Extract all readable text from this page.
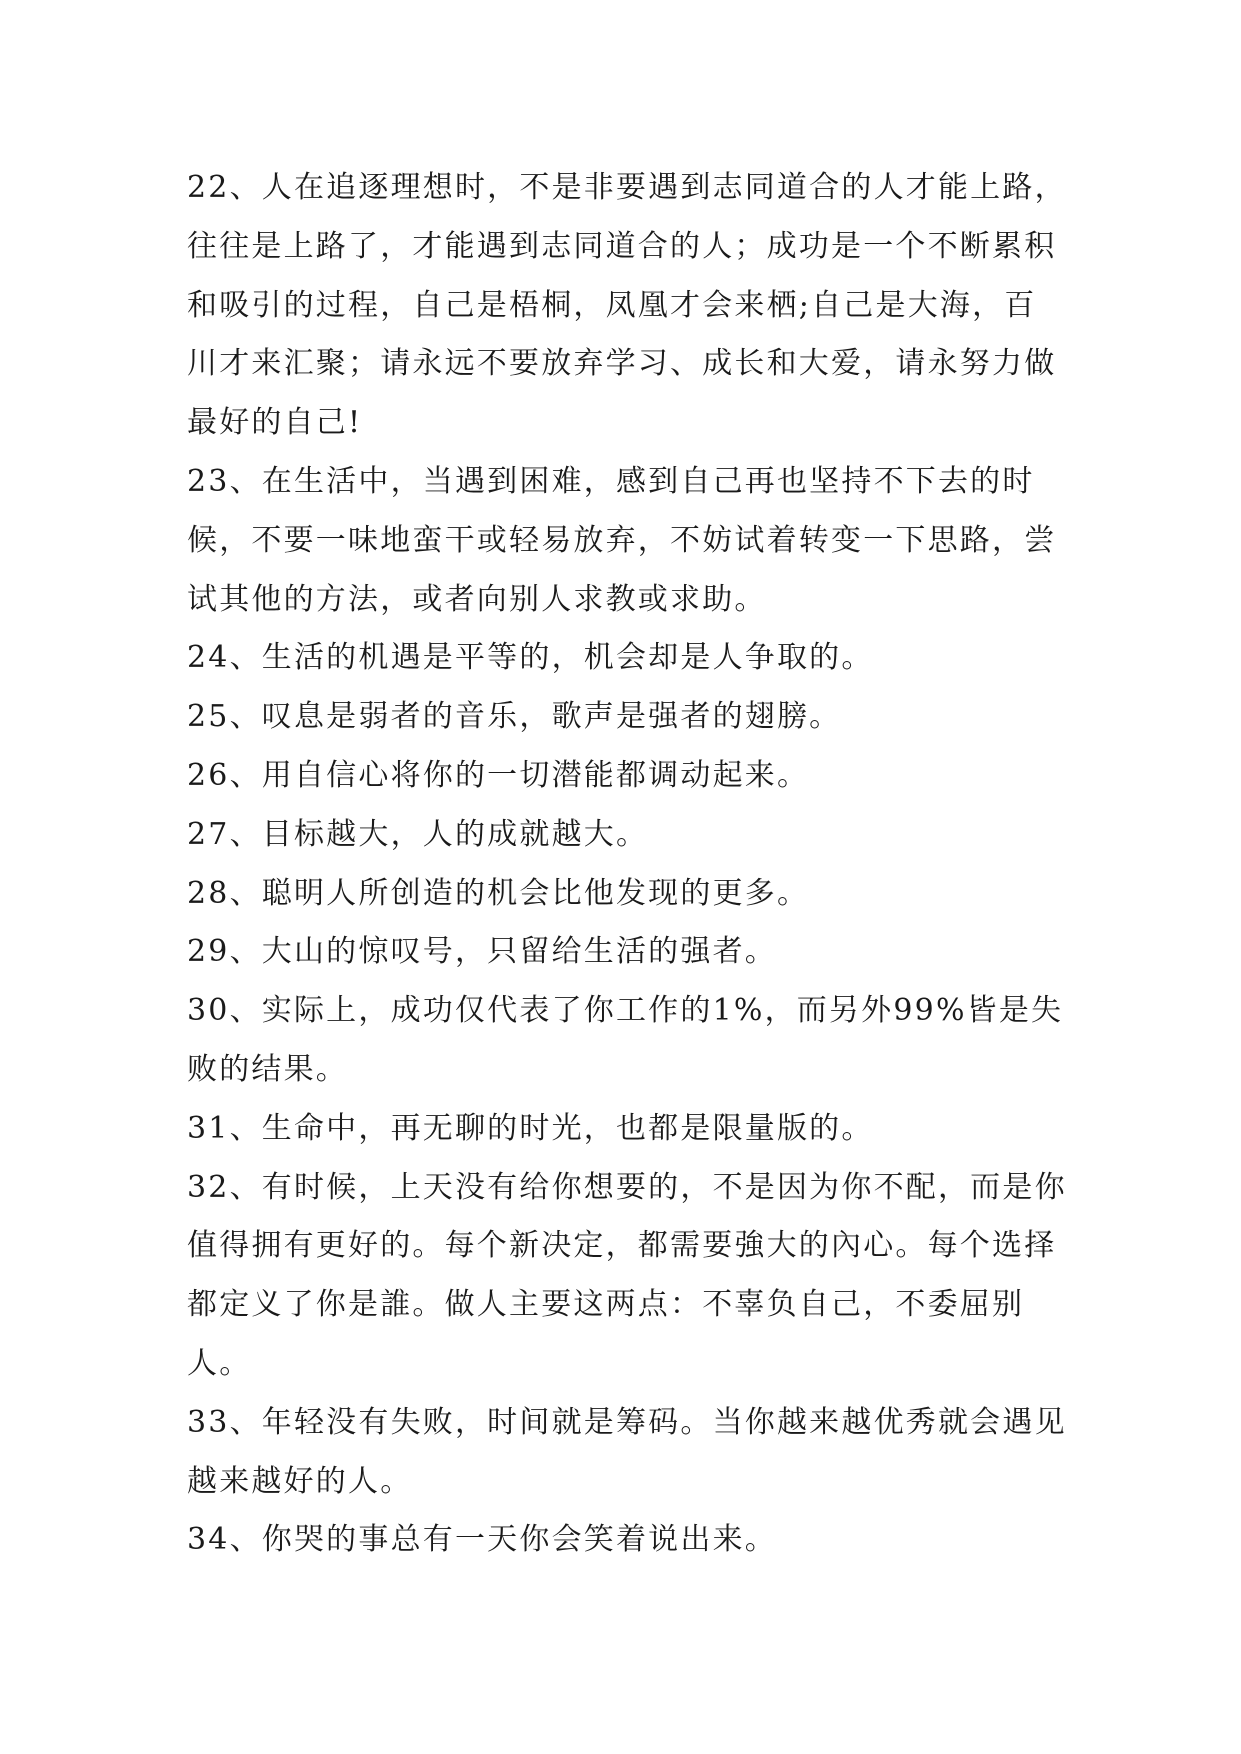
22、人在追逐理想时，不是非要遇到志同道合的人才能上路，往往是上路了，才能遇到志同道合的人；成功是一个不断累积和吸引的过程，自己是梧桐，凤凰才会来栖;自己是大海，百川才来汇聚；请永远不要放弃学习、成长和大爱，请永努力做最好的自己!

23、在生活中，当遇到困难，感到自己再也坚持不下去的时候，不要一味地蛮干或轻易放弃，不妨试着转变一下思路，尝试其他的方法，或者向别人求教或求助。

24、生活的机遇是平等的，机会却是人争取的。

25、叹息是弱者的音乐，歌声是强者的翅膀。

26、用自信心将你的一切潜能都调动起来。

27、目标越大，人的成就越大。

28、聪明人所创造的机会比他发现的更多。

29、大山的惊叹号，只留给生活的强者。

30、实际上，成功仅代表了你工作的1%，而另外99%皆是失败的结果。

31、生命中，再无聊的时光，也都是限量版的。

32、有时候，上天没有给你想要的，不是因为你不配，而是你值得拥有更好的。每个新决定，都需要強大的內心。每个选择都定义了你是誰。做人主要这两点：不辜负自己，不委屈别人。

33、年轻没有失败，时间就是筹码。当你越来越优秀就会遇见越来越好的人。

34、你哭的事总有一天你会笑着说出来。
